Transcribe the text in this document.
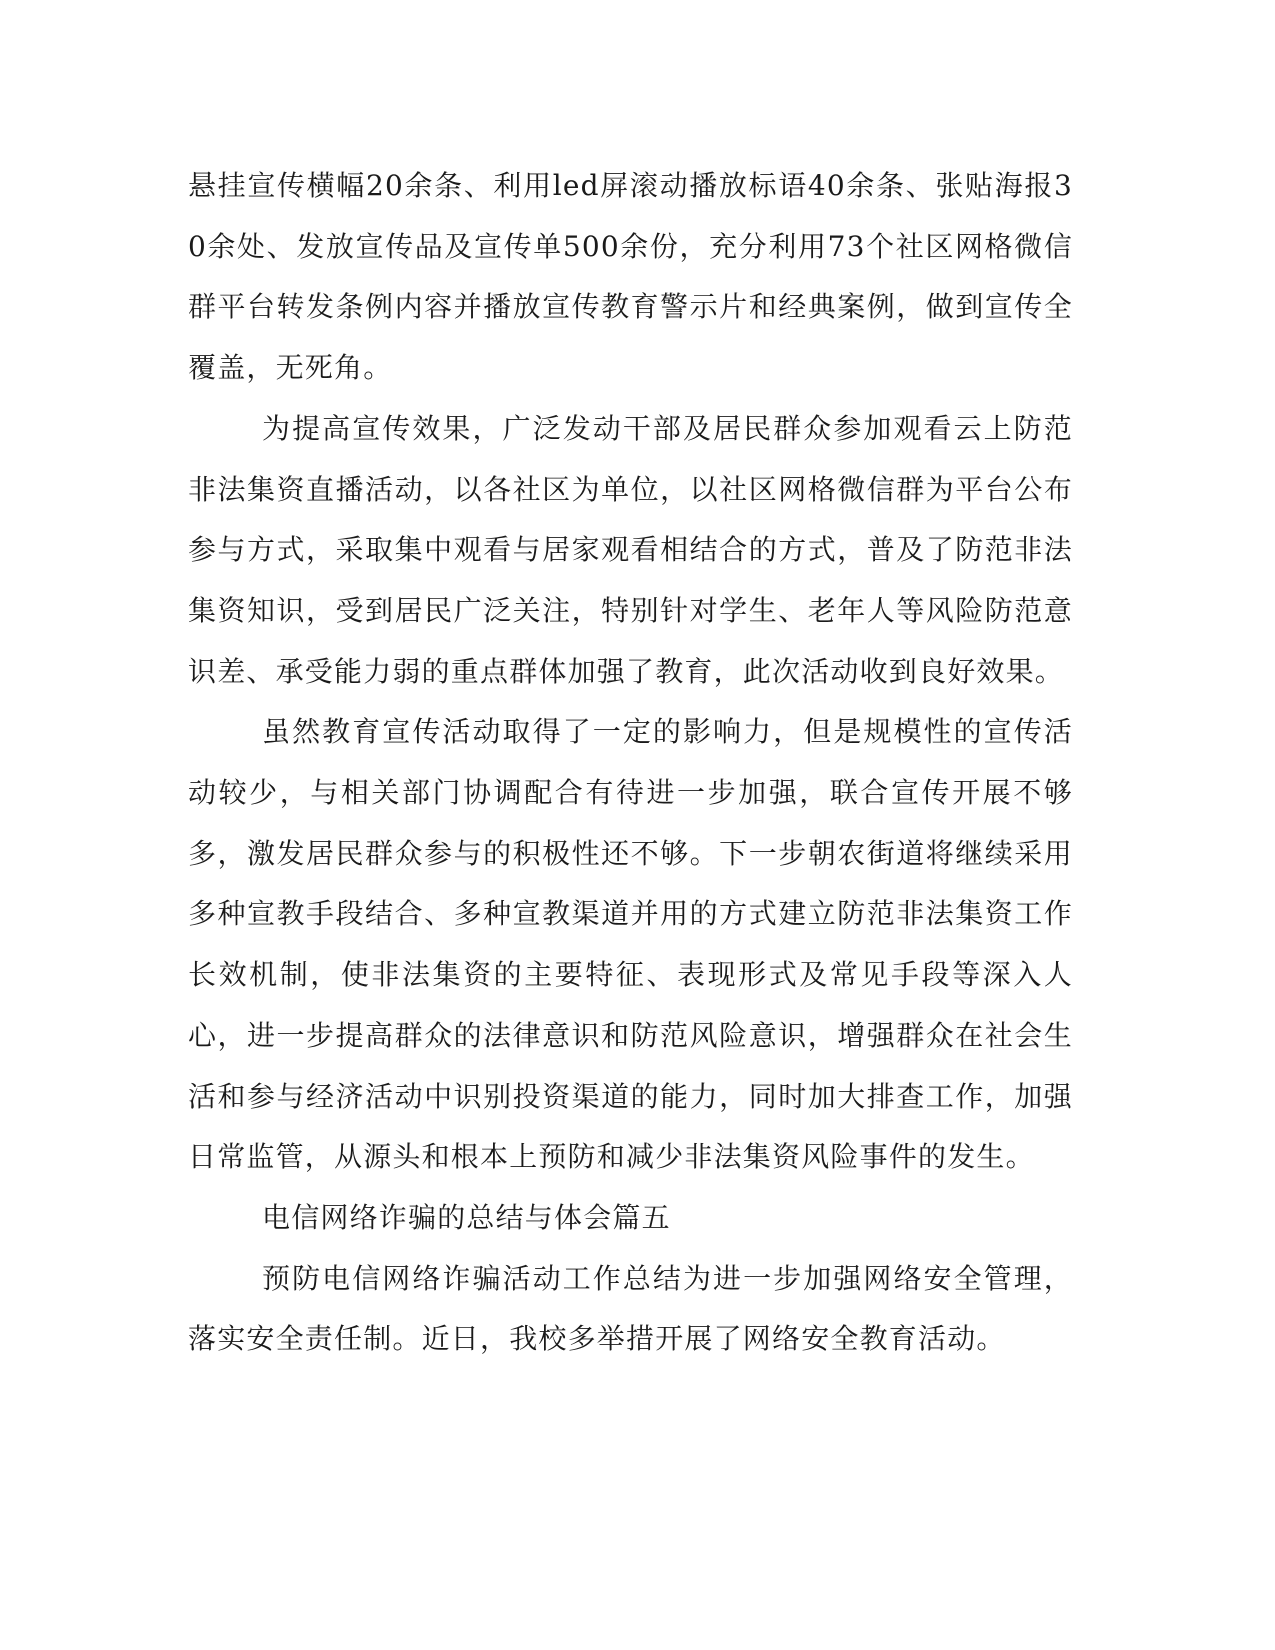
悬挂宣传横幅20余条、利用led屏滚动播放标语40余条、张贴海报30余处、发放宣传品及宣传单500余份，充分利用73个社区网格微信群平台转发条例内容并播放宣传教育警示片和经典案例，做到宣传全覆盖，无死角。

为提高宣传效果，广泛发动干部及居民群众参加观看云上防范非法集资直播活动，以各社区为单位，以社区网格微信群为平台公布参与方式，采取集中观看与居家观看相结合的方式，普及了防范非法集资知识，受到居民广泛关注，特别针对学生、老年人等风险防范意识差、承受能力弱的重点群体加强了教育，此次活动收到良好效果。

虽然教育宣传活动取得了一定的影响力，但是规模性的宣传活动较少，与相关部门协调配合有待进一步加强，联合宣传开展不够多，激发居民群众参与的积极性还不够。下一步朝农街道将继续采用多种宣教手段结合、多种宣教渠道并用的方式建立防范非法集资工作长效机制，使非法集资的主要特征、表现形式及常见手段等深入人心，进一步提高群众的法律意识和防范风险意识，增强群众在社会生活和参与经济活动中识别投资渠道的能力，同时加大排查工作，加强日常监管，从源头和根本上预防和减少非法集资风险事件的发生。

电信网络诈骗的总结与体会篇五

预防电信网络诈骗活动工作总结为进一步加强网络安全管理，落实安全责任制。近日，我校多举措开展了网络安全教育活动。
